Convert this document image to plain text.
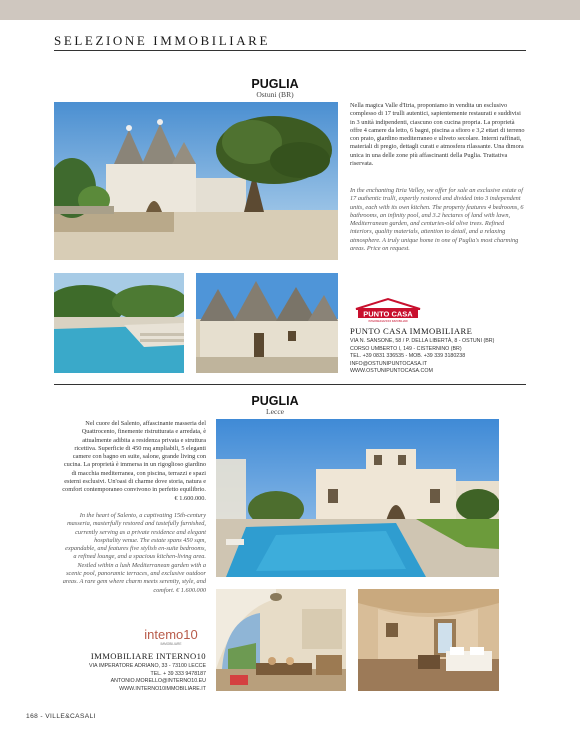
SELEZIONE IMMOBILIARE
PUGLIA
Ostuni (BR)
Nella magica Valle d'Itria, proponiamo in vendita un esclusivo complesso di 17 trulli autentici, sapientemente restaurati e suddivisi in 3 unità indipendenti, ciascuno con cucina propria. La proprietà offre 4 camere da letto, 6 bagni, piscina a sfioro e 3,2 ettari di terreno con prato, giardino mediterraneo e uliveto secolare. Interni raffinati, materiali di pregio, dettagli curati e atmosfera rilassante. Una dimora unica in una delle zone più affascinanti della Puglia. Trattativa riservata.
In the enchanting Itria Valley, we offer for sale an exclusive estate of 17 authentic trulli, expertly restored and divided into 3 independent units, each with its own kitchen. The property features 4 bedrooms, 6 bathrooms, an infinity pool, and 3.2 hectares of land with lawn, Mediterranean garden, and centuries-old olive trees. Refined interiors, quality materials, attention to detail, and a relaxing atmosphere. A truly unique home in one of Puglia's most charming areas. Price on request.
PUNTO CASA
INTERMEDIAZIONI IMMOBILIARI
PUNTO CASA IMMOBILIARE
VIA N. SANSONE, 58 / P. DELLA LIBERTÀ, 8 - OSTUNI (BR)
CORSO UMBERTO I, 149 - CISTERNINO (BR)
TEL. +39 0831 336535 - MOB. +39 339 3180238
INFO@OSTUNIPUNTOCASA.IT
WWW.OSTUNIPUNTOCASA.COM
PUGLIA
Lecce
Nel cuore del Salento, affascinante masseria del Quattrocento, finemente ristrutturata e arredata, è attualmente adibita a residenza privata e struttura ricettiva. Superficie di 450 mq ampliabili, 5 eleganti camere con bagno en suite, salone, grande living con cucina. La proprietà è immersa in un rigoglioso giardino di macchia mediterranea, con piscina, terrazzi e spazi esterni esclusivi. Un'oasi di charme dove storia, natura e comfort contemporaneo convivono in perfetto equilibrio. € 1.600.000.
In the heart of Salento, a captivating 15th-century masseria, masterfully restored and tastefully furnished, currently serving as a private residence and elegant hospitality venue. The estate spans 450 sqm, expandable, and features five stylish en-suite bedrooms, a refined lounge, and a spacious kitchen-living area. Nestled within a lush Mediterranean garden with a scenic pool, panoramic terraces, and exclusive outdoor areas. A rare gem where charm meets serenity, style, and comfort. € 1.600.000
intemo10
IMMOBILIARE
IMMOBILIARE INTERNO10
VIA IMPERATORE ADRIANO, 33 - 73100 LECCE
TEL. + 39 333 9478187
ANTONIO.MORELLO@INTERNO10.EU
WWW.INTERNO10IMMOBILIARE.IT
168 - VILLE&CASALI
